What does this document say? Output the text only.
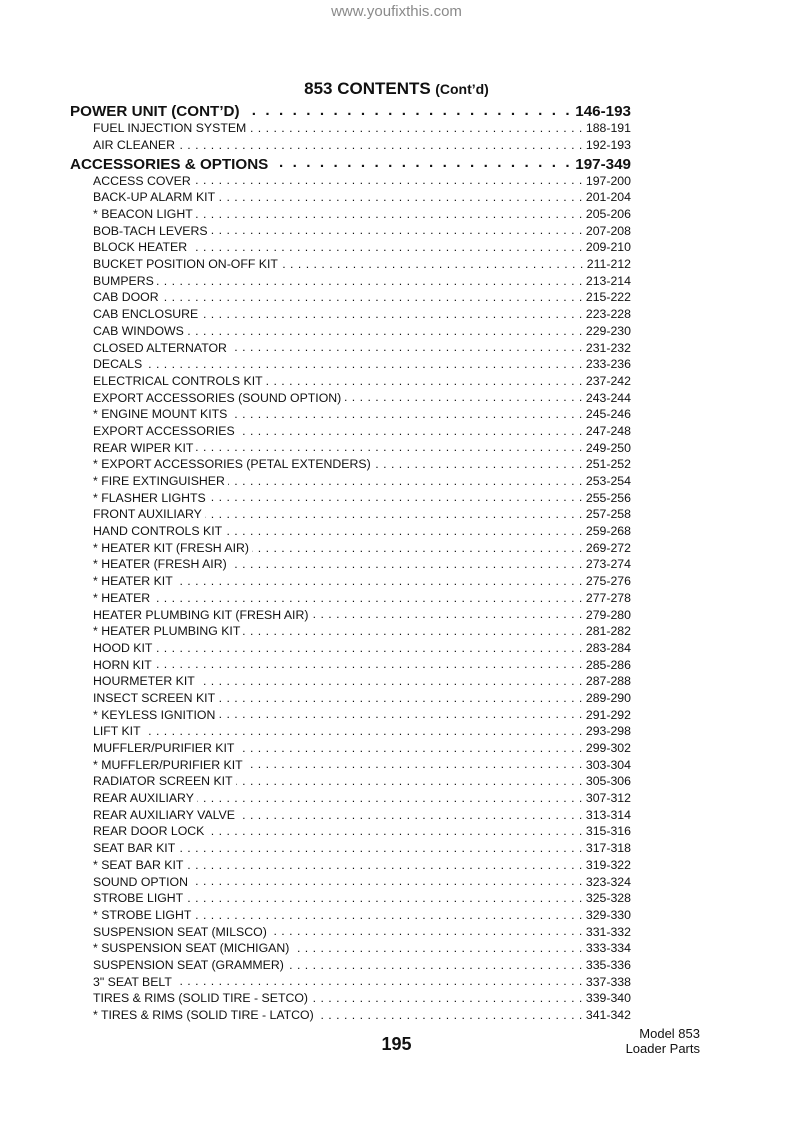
www.youfixthis.com
853 CONTENTS (Cont’d)
POWER UNIT (CONT’D) . . .	146-193
FUEL INJECTION SYSTEM . . .	188-191
AIR CLEANER . . .	192-193
ACCESSORIES & OPTIONS . . .	197-349
ACCESS COVER . . .	197-200
BACK-UP ALARM KIT . . .	201-204
* BEACON LIGHT . . .	205-206
BOB-TACH LEVERS . . .	207-208
BLOCK HEATER . . .	209-210
BUCKET POSITION ON-OFF KIT . . .	211-212
BUMPERS . . .	213-214
CAB DOOR . . .	215-222
CAB ENCLOSURE . . .	223-228
CAB WINDOWS . . .	229-230
CLOSED ALTERNATOR . . .	231-232
DECALS . . .	233-236
ELECTRICAL CONTROLS KIT . . .	237-242
EXPORT ACCESSORIES (SOUND OPTION) . . .	243-244
* ENGINE MOUNT KITS . . .	245-246
EXPORT ACCESSORIES . . .	247-248
REAR WIPER KIT . . .	249-250
* EXPORT ACCESSORIES (PETAL EXTENDERS) . . .	251-252
* FIRE EXTINGUISHER . . .	253-254
* FLASHER LIGHTS . . .	255-256
FRONT AUXILIARY . . .	257-258
HAND CONTROLS KIT . . .	259-268
* HEATER KIT (FRESH AIR) . . .	269-272
* HEATER (FRESH AIR) . . .	273-274
* HEATER KIT . . .	275-276
* HEATER . . .	277-278
HEATER PLUMBING KIT (FRESH AIR) . . .	279-280
* HEATER PLUMBING KIT . . .	281-282
HOOD KIT . . .	283-284
HORN KIT . . .	285-286
HOURMETER KIT . . .	287-288
INSECT SCREEN KIT . . .	289-290
* KEYLESS IGNITION . . .	291-292
LIFT KIT . . .	293-298
MUFFLER/PURIFIER KIT . . .	299-302
* MUFFLER/PURIFIER KIT . . .	303-304
RADIATOR SCREEN KIT . . .	305-306
REAR AUXILIARY . . .	307-312
REAR AUXILIARY VALVE . . .	313-314
REAR DOOR LOCK . . .	315-316
SEAT BAR KIT . . .	317-318
* SEAT BAR KIT . . .	319-322
SOUND OPTION . . .	323-324
STROBE LIGHT . . .	325-328
* STROBE LIGHT . . .	329-330
SUSPENSION SEAT (MILSCO) . . .	331-332
* SUSPENSION SEAT (MICHIGAN) . . .	333-334
SUSPENSION SEAT (GRAMMER) . . .	335-336
3" SEAT BELT . . .	337-338
TIRES & RIMS (SOLID TIRE - SETCO) . . .	339-340
* TIRES & RIMS (SOLID TIRE - LATCO) . . .	341-342
195
Model 853
Loader Parts
